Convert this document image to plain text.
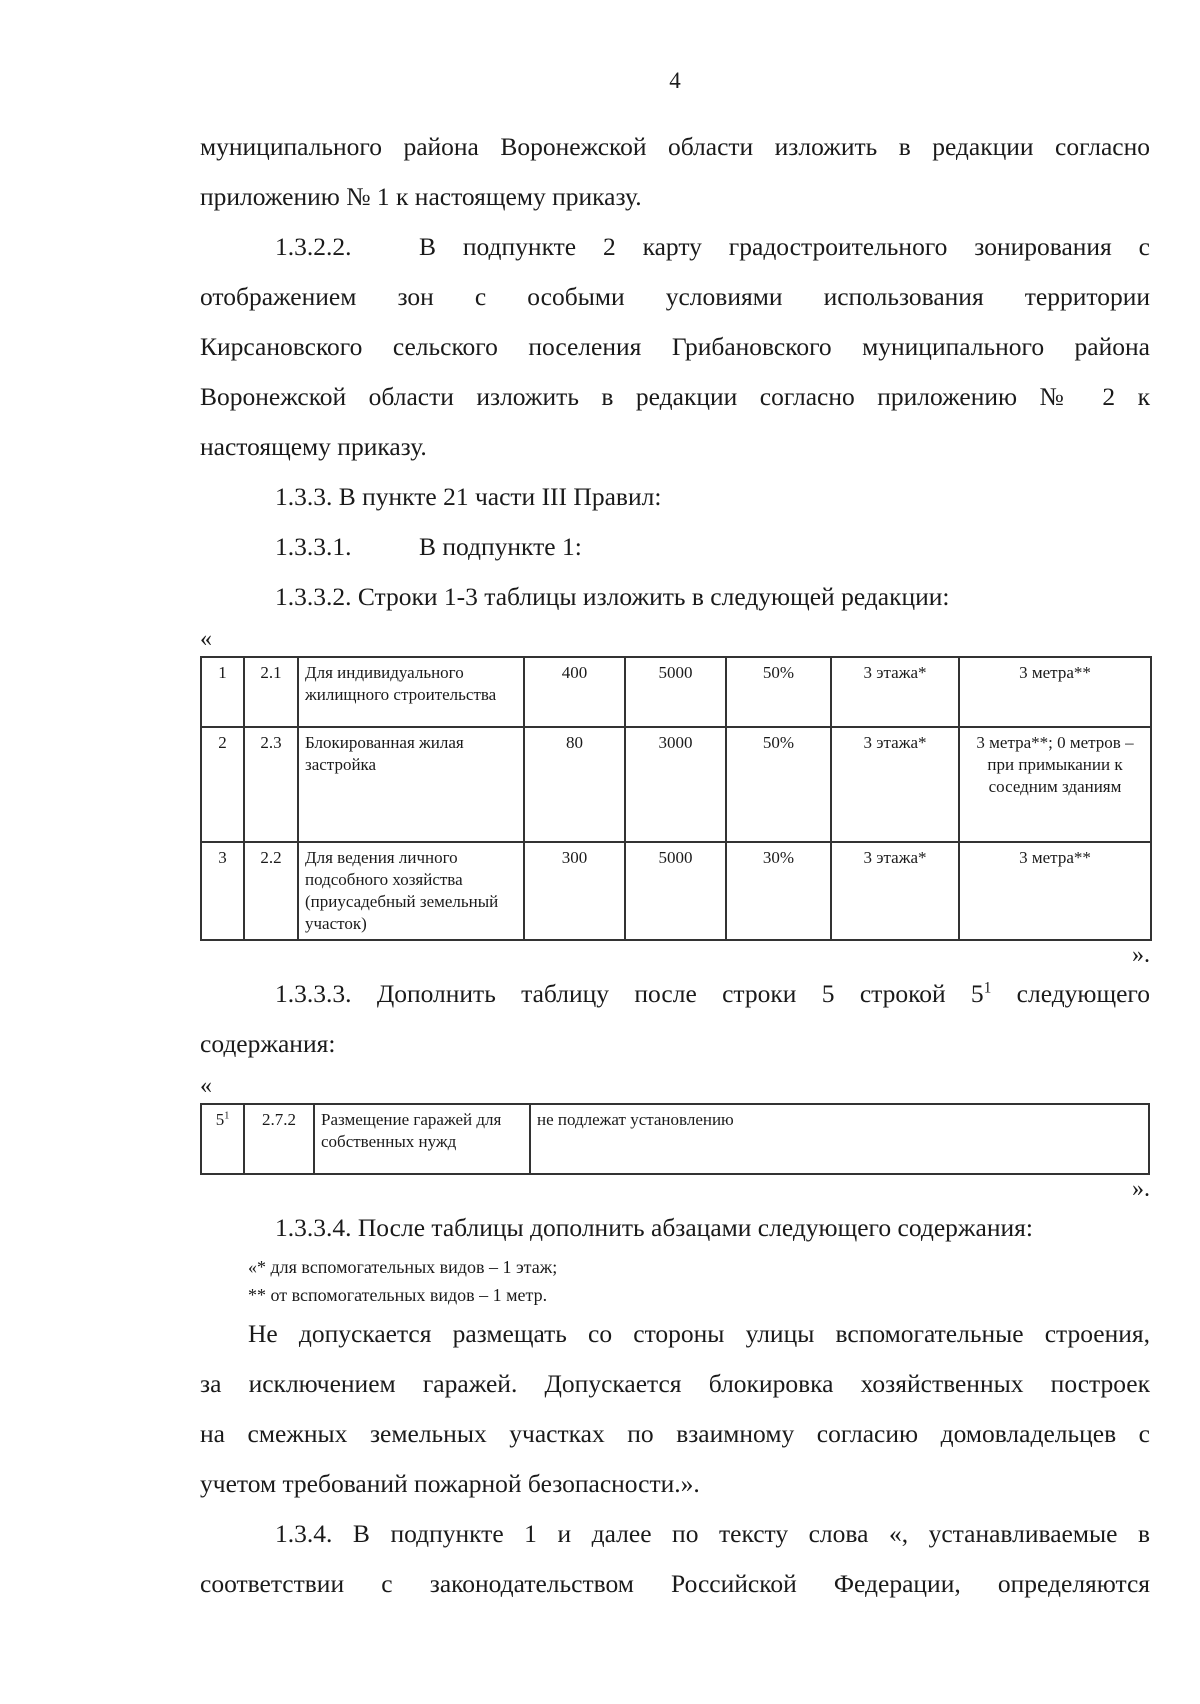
4
муниципального района Воронежской области изложить в редакции согласно
приложению № 1 к настоящему приказу.
1.3.2.2.	В подпункте 2 карту градостроительного зонирования с
отображением зон с особыми условиями использования территории
Кирсановского сельского поселения Грибановского муниципального района
Воронежской области изложить в редакции согласно приложению № 2 к
настоящему приказу.
1.3.3. В пункте 21 части III Правил:
1.3.3.1.	В подпункте 1:
1.3.3.2. Строки 1-3 таблицы изложить в следующей редакции:
«
1	2.1	Для индивидуального жилищного строительства	400	5000	50%	3 этажа*	3 метра**
2	2.3	Блокированная жилая застройка	80	3000	50%	3 этажа*	3 метра**; 0 метров – при примыкании к соседним зданиям
3	2.2	Для ведения личного подсобного хозяйства (приусадебный земельный участок)	300	5000	30%	3 этажа*	3 метра**
».
1.3.3.3. Дополнить таблицу после строки 5 строкой $5^1$ следующего
содержания:
«
$5^1$	2.7.2	Размещение гаражей для собственных нужд	не подлежат установлению
».
1.3.3.4. После таблицы дополнить абзацами следующего содержания:
«* для вспомогательных видов – 1 этаж;
** от вспомогательных видов – 1 метр.
Не допускается размещать со стороны улицы вспомогательные строения,
за исключением гаражей. Допускается блокировка хозяйственных построек
на смежных земельных участках по взаимному согласию домовладельцев с
учетом требований пожарной безопасности.».
1.3.4. В подпункте 1 и далее по тексту слова «, устанавливаемые в
соответствии с законодательством Российской Федерации, определяются
